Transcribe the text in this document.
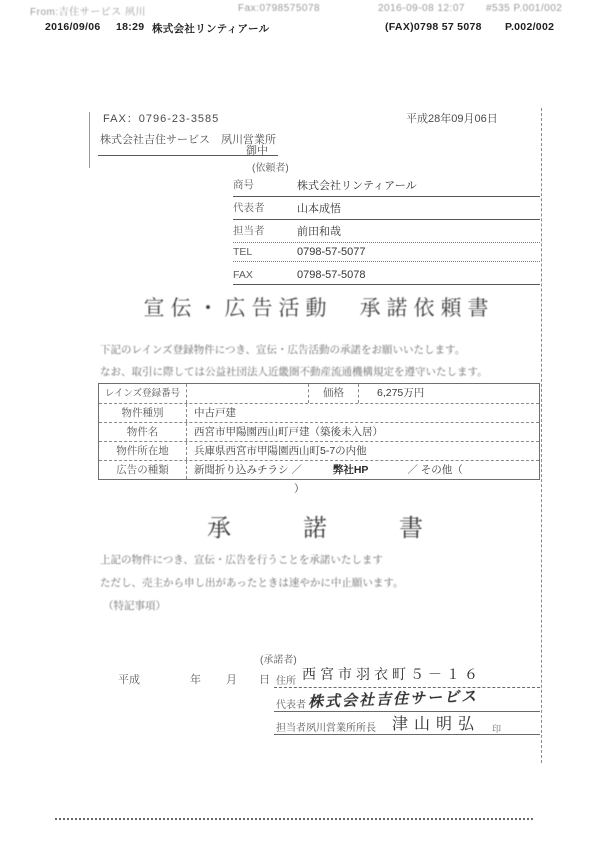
From:吉住サービス 夙川	Fax:0798575078	2016-09-08 12:07 #535 P.001/002
2016/09/06 18:29 株式会社リンティアール	(FAX)0798 57 5078 P.002/002
FAX：0796-23-3585	平成28年09月06日
株式会社吉住サービス　夙川営業所
御中
(依頼者)
商号	株式会社リンティアール
代表者	山本成悟
担当者	前田和哉
TEL	0798-57-5077
FAX	0798-57-5078
宣伝・広告活動　承諾依頼書
下記のレインズ登録物件につき、宣伝・広告活動の承諾をお願いいたします。
なお、取引に際しては公益社団法人近畿圏不動産流通機構規定を遵守いたします。
レインズ登録番号	価格	6,275万円
物件種別	中古戸建
物件名	西宮市甲陽園西山町戸建（築後未入居）
物件所在地	兵庫県西宮市甲陽園西山町5-7の内他
広告の種類	新聞折り込みチラシ ／	弊社HP	／ その他（ ）
承　　諾　　書
上記の物件につき、宣伝・広告を行うことを承諾いたします
ただし、売主から申し出があったときは速やかに中止願います。
（特記事項）
(承諾者)
平成	年 月 日 住所 西宮市羽衣町５－１６
代表者 株式会社吉住サービス
担当者 夙川営業所所長 津山明弘 印
